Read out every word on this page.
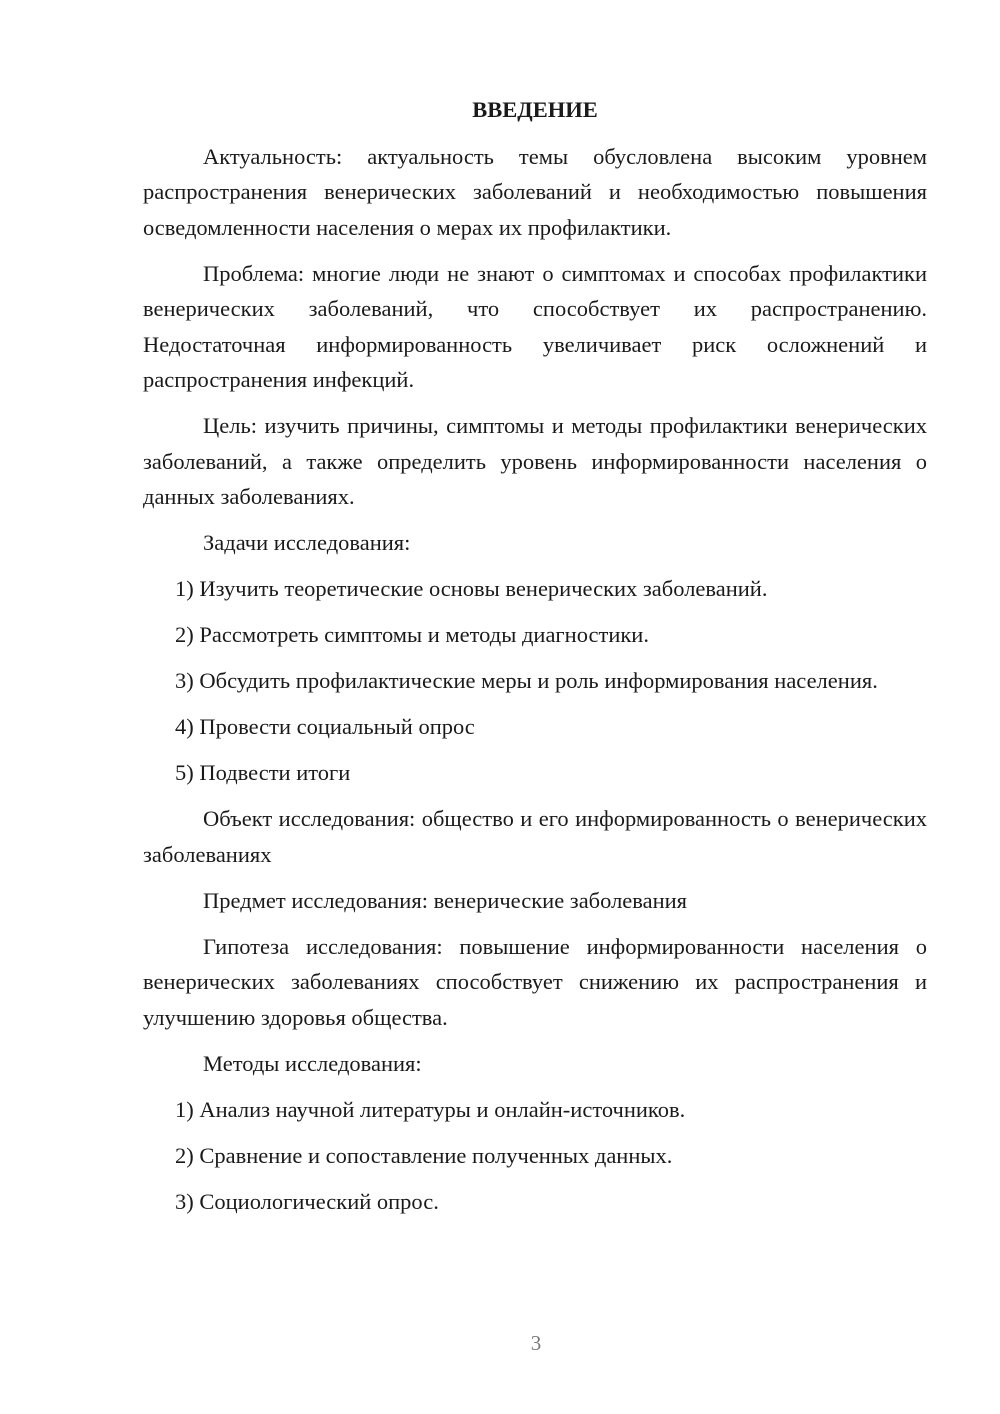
ВВЕДЕНИЕ

Актуальность: актуальность темы обусловлена высоким уровнем распространения венерических заболеваний и необходимостью повышения осведомленности населения о мерах их профилактики.

Проблема: многие люди не знают о симптомах и способах профилактики венерических заболеваний, что способствует их распространению. Недостаточная информированность увеличивает риск осложнений и распространения инфекций.

Цель: изучить причины, симптомы и методы профилактики венерических заболеваний, а также определить уровень информированности населения о данных заболеваниях.

Задачи исследования:

1) Изучить теоретические основы венерических заболеваний.

2) Рассмотреть симптомы и методы диагностики.

3) Обсудить профилактические меры и роль информирования населения.

4) Провести социальный опрос

5) Подвести итоги

Объект исследования: общество и его информированность о венерических заболеваниях

Предмет исследования: венерические заболевания

Гипотеза исследования: повышение информированности населения о венерических заболеваниях способствует снижению их распространения и улучшению здоровья общества.

Методы исследования:

1) Анализ научной литературы и онлайн-источников.

2) Сравнение и сопоставление полученных данных.

3) Социологический опрос.

3
